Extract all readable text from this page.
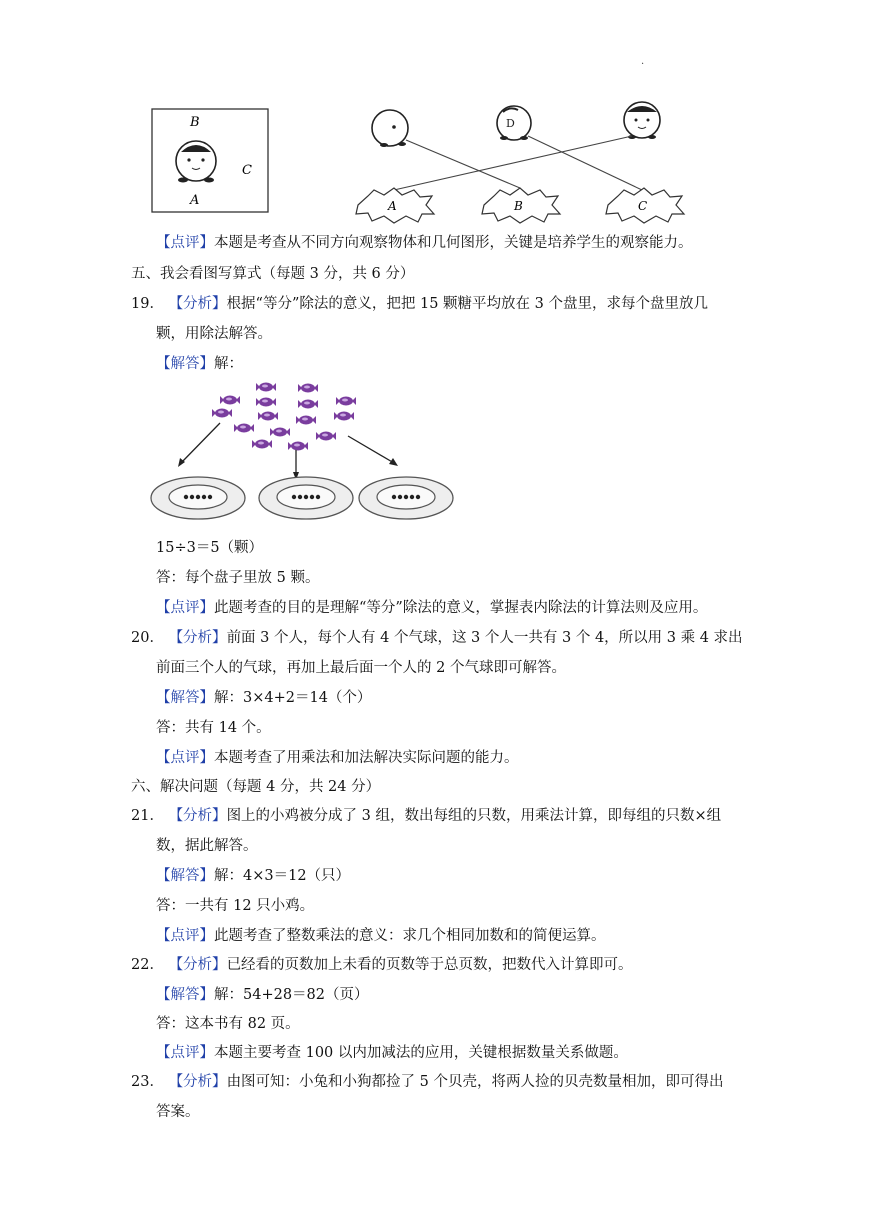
.
B
C
A
D
A	B	C
【点评】本题是考查从不同方向观察物体和几何图形，关键是培养学生的观察能力。
五、我会看图写算式（每题 3 分，共 6 分）
19． 【分析】根据“等分”除法的意义，把把 15 颗糖平均放在 3 个盘里，求每个盘里放几
颗，用除法解答。
【解答】解：
15÷3＝5（颗）
答：每个盘子里放 5 颗。
【点评】此题考查的目的是理解“等分”除法的意义，掌握表内除法的计算法则及应用。
20． 【分析】前面 3 个人，每个人有 4 个气球，这 3 个人一共有 3 个 4，所以用 3 乘 4 求出
前面三个人的气球，再加上最后面一个人的 2 个气球即可解答。
【解答】解：3×4+2＝14（个）
答：共有 14 个。
【点评】本题考查了用乘法和加法解决实际问题的能力。
六、解决问题（每题 4 分，共 24 分）
21． 【分析】图上的小鸡被分成了 3 组，数出每组的只数，用乘法计算，即每组的只数×组
数，据此解答。
【解答】解：4×3＝12（只）
答：一共有 12 只小鸡。
【点评】此题考查了整数乘法的意义：求几个相同加数和的简便运算。
22． 【分析】已经看的页数加上未看的页数等于总页数，把数代入计算即可。
【解答】解：54+28＝82（页）
答：这本书有 82 页。
【点评】本题主要考查 100 以内加减法的应用，关键根据数量关系做题。
23． 【分析】由图可知：小兔和小狗都捡了 5 个贝壳，将两人捡的贝壳数量相加，即可得出
答案。
